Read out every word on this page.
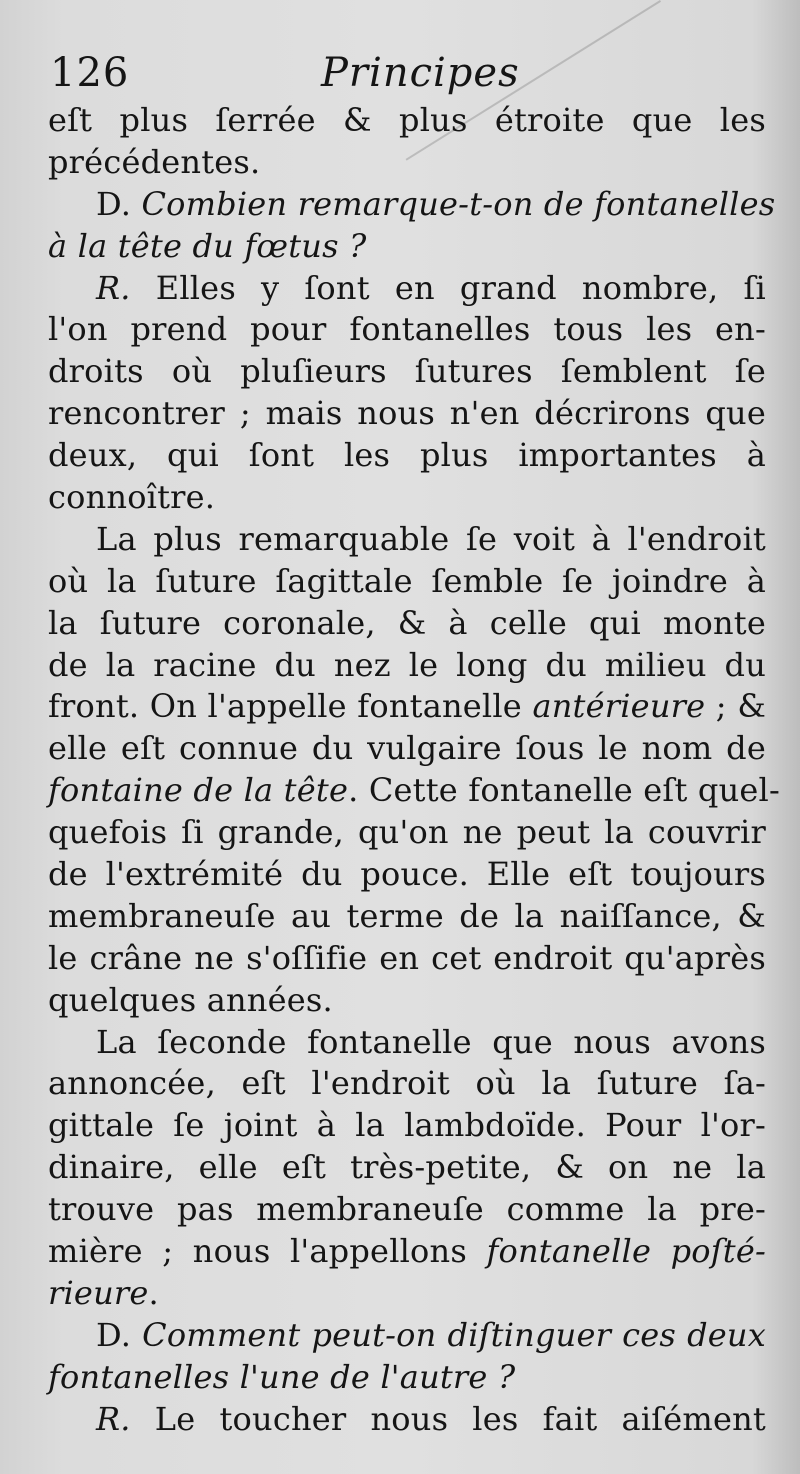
126	Principes
eſt plus ſerrée & plus étroite que les
précédentes.
D. Combien remarque-t-on de fontanelles
à la tête du fœtus ?
R. Elles y ſont en grand nombre, ſi
l'on prend pour fontanelles tous les en-
droits où pluſieurs ſutures ſemblent ſe
rencontrer ; mais nous n'en décrirons que
deux, qui ſont les plus importantes à
connoître.
La plus remarquable ſe voit à l'endroit
où la ſuture ſagittale ſemble ſe joindre à
la ſuture coronale, & à celle qui monte
de la racine du nez le long du milieu du
front. On l'appelle fontanelle antérieure ; &
elle eſt connue du vulgaire ſous le nom de
fontaine de la tête. Cette fontanelle eſt quel-
quefois ſi grande, qu'on ne peut la couvrir
de l'extrémité du pouce. Elle eſt toujours
membraneuſe au terme de la naiſſance, &
le crâne ne s'oſſifie en cet endroit qu'après
quelques années.
La ſeconde fontanelle que nous avons
annoncée, eſt l'endroit où la ſuture ſa-
gittale ſe joint à la lambdoïde. Pour l'or-
dinaire, elle eſt très-petite, & on ne la
trouve pas membraneuſe comme la pre-
mière ; nous l'appellons fontanelle poſté-
rieure.
D. Comment peut-on diſtinguer ces deux
fontanelles l'une de l'autre ?
R. Le toucher nous les fait aiſément
